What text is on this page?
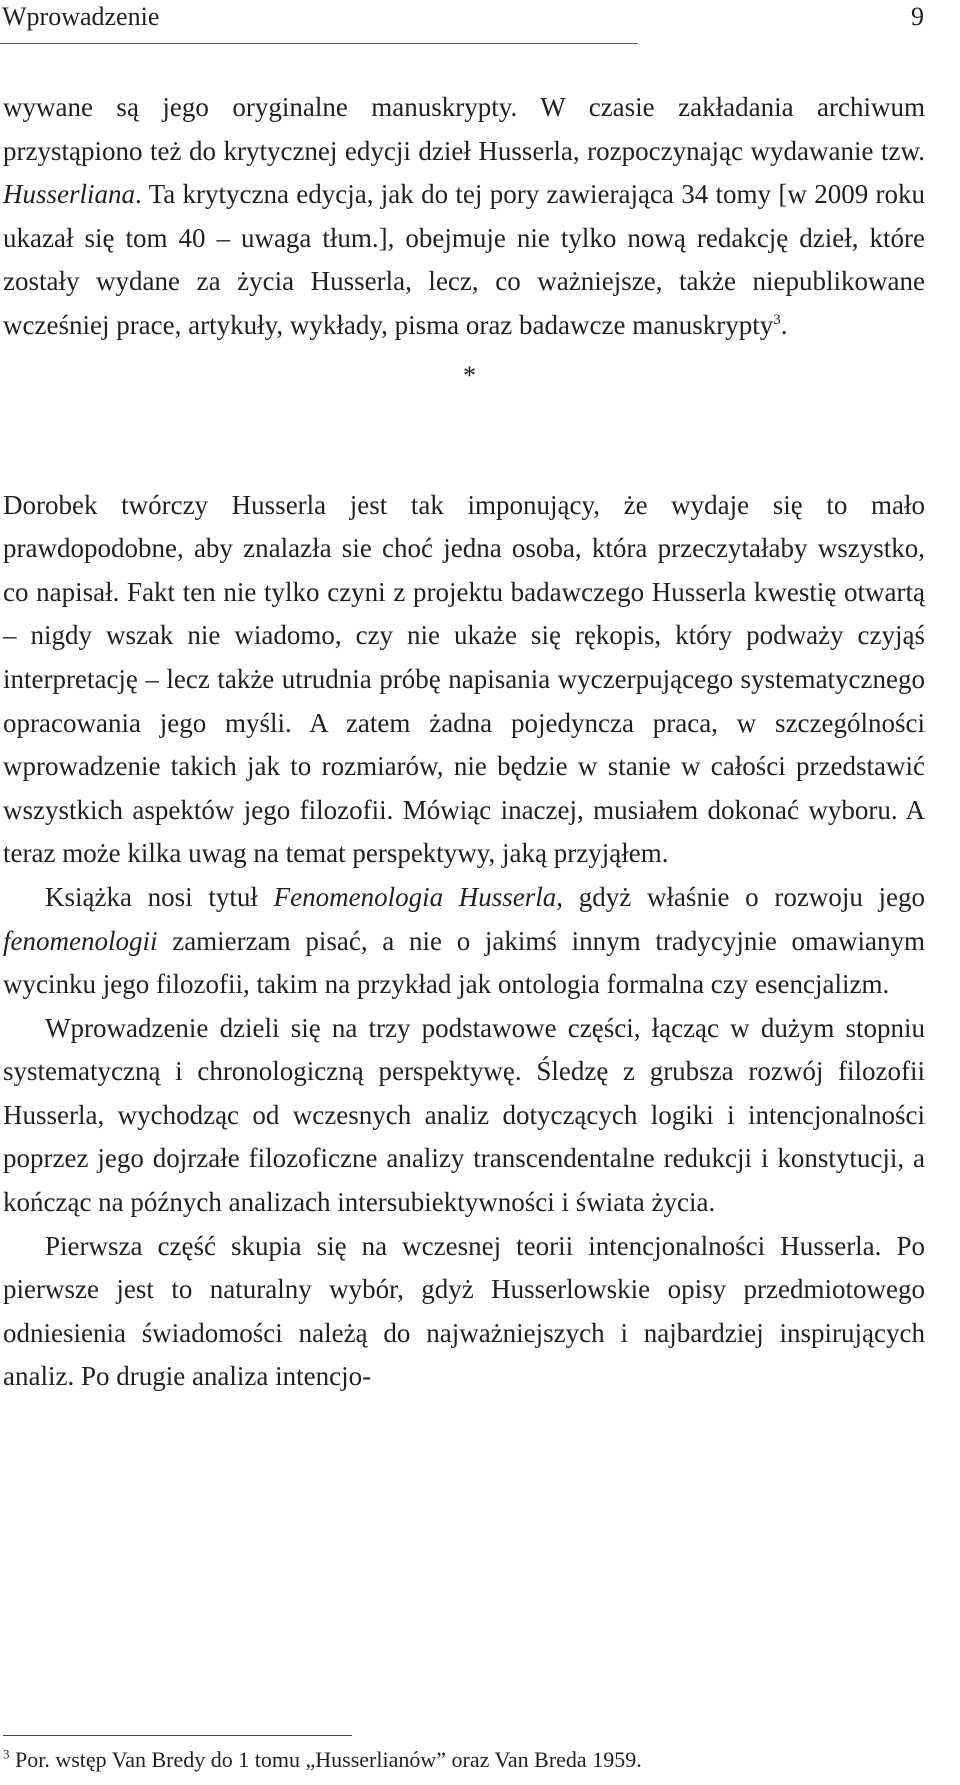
Wprowadzenie	9

wywane są jego oryginalne manuskrypty. W czasie zakładania archiwum przystąpiono też do krytycznej edycji dzieł Husserla, rozpoczynając wydawanie tzw. Husserliana. Ta krytyczna edycja, jak do tej pory zawierająca 34 tomy [w 2009 roku ukazał się tom 40 – uwaga tłum.], obejmuje nie tylko nową redakcję dzieł, które zostały wydane za życia Husserla, lecz, co ważniejsze, także niepublikowane wcześniej prace, artykuły, wykłady, pisma oraz badawcze manuskrypty$^3$.

*

Dorobek twórczy Husserla jest tak imponujący, że wydaje się to mało prawdopodobne, aby znalazła sie choć jedna osoba, która przeczytałaby wszystko, co napisał. Fakt ten nie tylko czyni z projektu badawczego Husserla kwestię otwartą – nigdy wszak nie wiadomo, czy nie ukaże się rękopis, który podważy czyjąś interpretację – lecz także utrudnia próbę napisania wyczerpującego systematycznego opracowania jego myśli. A zatem żadna pojedyncza praca, w szczególności wprowadzenie takich jak to rozmiarów, nie będzie w stanie w całości przedstawić wszystkich aspektów jego filozofii. Mówiąc inaczej, musiałem dokonać wyboru. A teraz może kilka uwag na temat perspektywy, jaką przyjąłem.

Książka nosi tytuł Fenomenologia Husserla, gdyż właśnie o rozwoju jego fenomenologii zamierzam pisać, a nie o jakimś innym tradycyjnie omawianym wycinku jego filozofii, takim na przykład jak ontologia formalna czy esencjalizm.

Wprowadzenie dzieli się na trzy podstawowe części, łącząc w dużym stopniu systematyczną i chronologiczną perspektywę. Śledzę z grubsza rozwój filozofii Husserla, wychodząc od wczesnych analiz dotyczących logiki i intencjonalności poprzez jego dojrzałe filozoficzne analizy transcendentalne redukcji i konstytucji, a kończąc na późnych analizach intersubiektywności i świata życia.

Pierwsza część skupia się na wczesnej teorii intencjonalności Husserla. Po pierwsze jest to naturalny wybór, gdyż Husserlowskie opisy przedmiotowego odniesienia świadomości należą do najważniejszych i najbardziej inspirujących analiz. Po drugie analiza intencjo-

$^3$ Por. wstęp Van Bredy do 1 tomu „Husserlianów” oraz Van Breda 1959.
